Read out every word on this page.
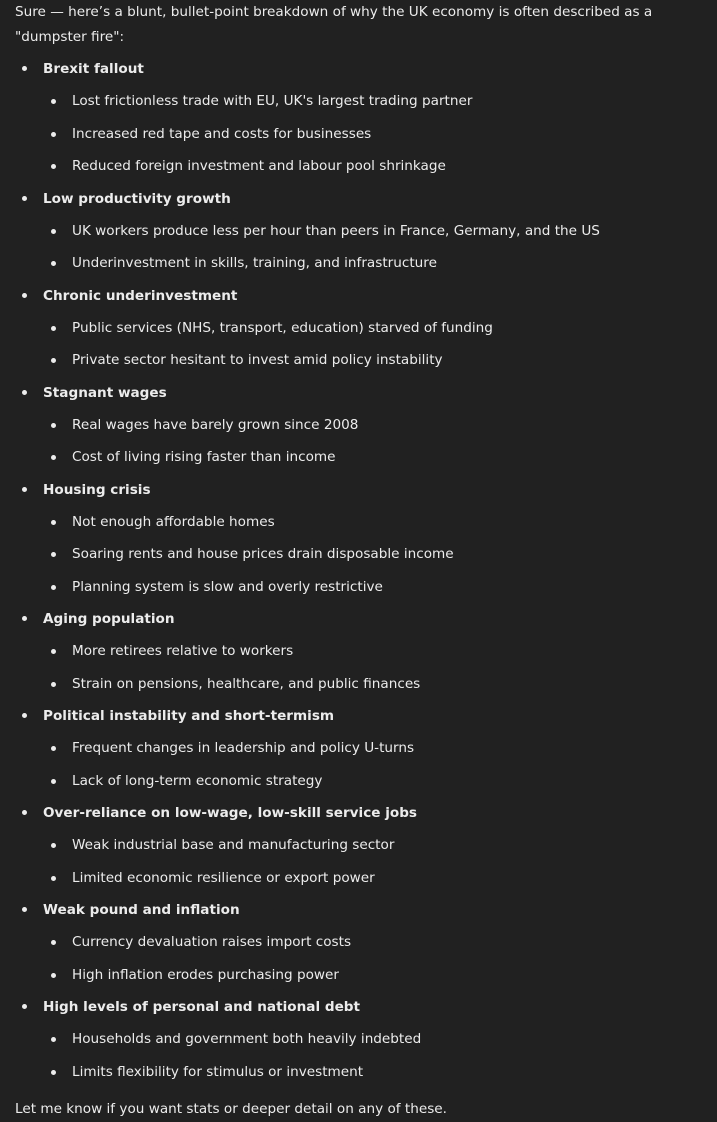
Sure — here’s a blunt, bullet-point breakdown of why the UK economy is often described as a "dumpster fire":

Brexit fallout
Lost frictionless trade with EU, UK's largest trading partner
Increased red tape and costs for businesses
Reduced foreign investment and labour pool shrinkage
Low productivity growth
UK workers produce less per hour than peers in France, Germany, and the US
Underinvestment in skills, training, and infrastructure
Chronic underinvestment
Public services (NHS, transport, education) starved of funding
Private sector hesitant to invest amid policy instability
Stagnant wages
Real wages have barely grown since 2008
Cost of living rising faster than income
Housing crisis
Not enough affordable homes
Soaring rents and house prices drain disposable income
Planning system is slow and overly restrictive
Aging population
More retirees relative to workers
Strain on pensions, healthcare, and public finances
Political instability and short-termism
Frequent changes in leadership and policy U-turns
Lack of long-term economic strategy
Over-reliance on low-wage, low-skill service jobs
Weak industrial base and manufacturing sector
Limited economic resilience or export power
Weak pound and inflation
Currency devaluation raises import costs
High inflation erodes purchasing power
High levels of personal and national debt
Households and government both heavily indebted
Limits flexibility for stimulus or investment

Let me know if you want stats or deeper detail on any of these.
